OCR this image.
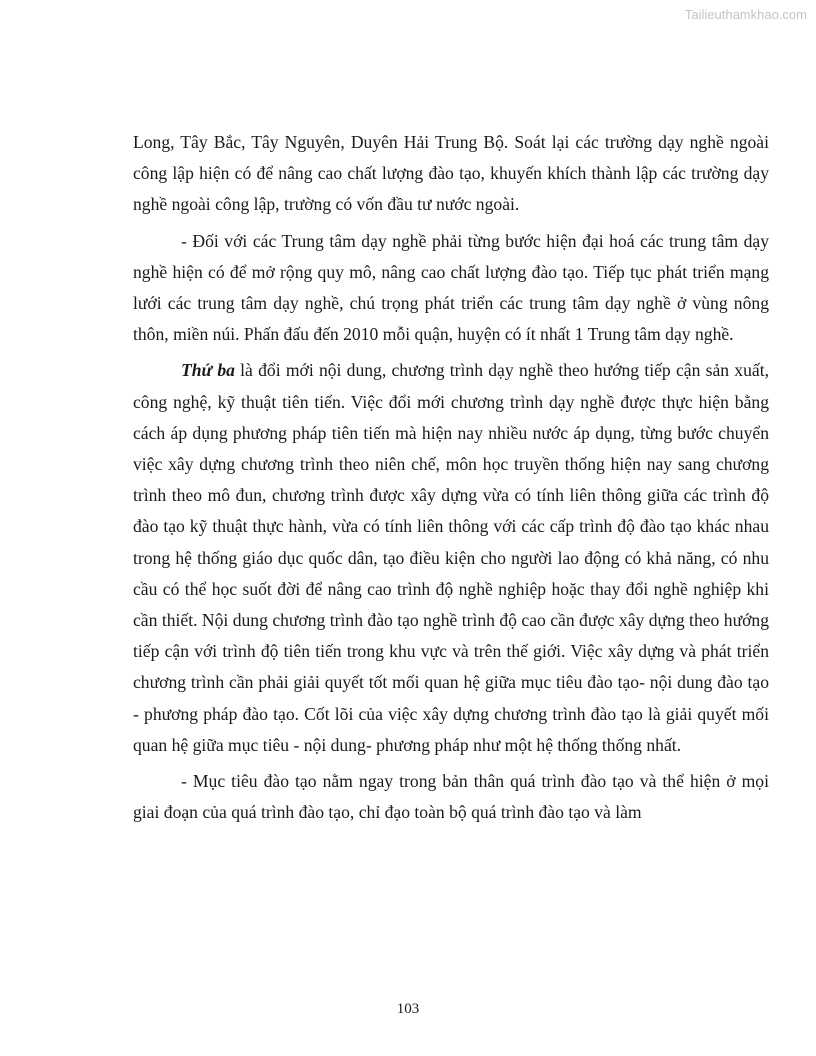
Tailieuthamkhao.com

Long, Tây Bắc, Tây Nguyên, Duyên Hải Trung Bộ. Soát lại các trường dạy nghề ngoài công lập hiện có để nâng cao chất lượng đào tạo, khuyến khích thành lập các trường dạy nghề ngoài công lập, trường có vốn đầu tư nước ngoài.

- Đối với các Trung tâm dạy nghề phải từng bước hiện đại hoá các trung tâm dạy nghề hiện có để mở rộng quy mô, nâng cao chất lượng đào tạo. Tiếp tục phát triển mạng lưới các trung tâm dạy nghề, chú trọng phát triển các trung tâm dạy nghề ở vùng nông thôn, miền núi. Phấn đấu đến 2010 mỗi quận, huyện có ít nhất 1 Trung tâm dạy nghề.

Thứ ba là đổi mới nội dung, chương trình dạy nghề theo hướng tiếp cận sản xuất, công nghệ, kỹ thuật tiên tiến. Việc đổi mới chương trình dạy nghề được thực hiện bằng cách áp dụng phương pháp tiên tiến mà hiện nay nhiều nước áp dụng, từng bước chuyển việc xây dựng chương trình theo niên chế, môn học truyền thống hiện nay sang chương trình theo mô đun, chương trình được xây dựng vừa có tính liên thông giữa các trình độ đào tạo kỹ thuật thực hành, vừa có tính liên thông với các cấp trình độ đào tạo khác nhau trong hệ thống giáo dục quốc dân, tạo điều kiện cho người lao động có khả năng, có nhu cầu có thể học suốt đời để nâng cao trình độ nghề nghiệp hoặc thay đổi nghề nghiệp khi cần thiết. Nội dung chương trình đào tạo nghề trình độ cao cần được xây dựng theo hướng tiếp cận với trình độ tiên tiến trong khu vực và trên thế giới. Việc xây dựng và phát triển chương trình cần phải giải quyết tốt mối quan hệ giữa mục tiêu đào tạo- nội dung đào tạo - phương pháp đào tạo. Cốt lõi của việc xây dựng chương trình đào tạo là giải quyết mối quan hệ giữa mục tiêu - nội dung- phương pháp như một hệ thống thống nhất.

- Mục tiêu đào tạo nằm ngay trong bản thân quá trình đào tạo và thể hiện ở mọi giai đoạn của quá trình đào tạo, chỉ đạo toàn bộ quá trình đào tạo và làm

103
